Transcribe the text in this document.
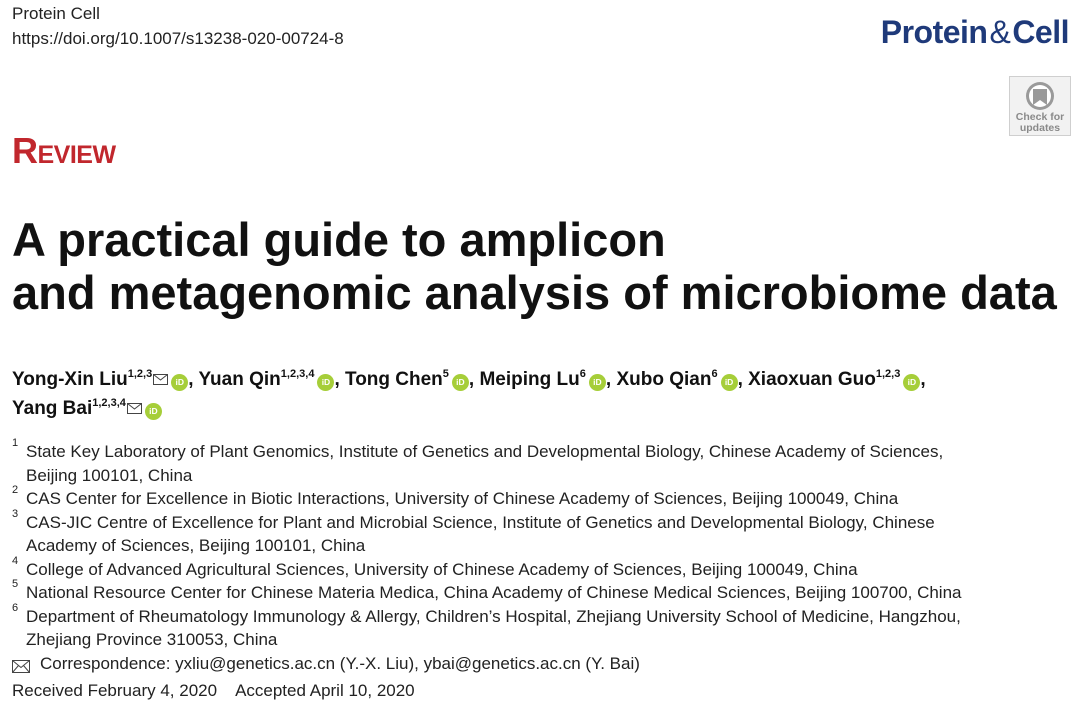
Protein Cell
https://doi.org/10.1007/s13238-020-00724-8	Protein&Cell
Check for
updates
Review
A practical guide to amplicon
and metagenomic analysis of microbiome data
Yong-Xin Liu$^{1,2,3}$iD , Yuan Qin$^{1,2,3,4}$iD , Tong Chen$^5$iD , Meiping Lu$^6$iD , Xubo Qian$^6$iD , Xiaoxuan Guo$^{1,2,3}$iD ,
Yang Bai$^{1,2,3,4}$iD
1 State Key Laboratory of Plant Genomics, Institute of Genetics and Developmental Biology, Chinese Academy of Sciences,
Beijing 100101, China
2 CAS Center for Excellence in Biotic Interactions, University of Chinese Academy of Sciences, Beijing 100049, China
3 CAS-JIC Centre of Excellence for Plant and Microbial Science, Institute of Genetics and Developmental Biology, Chinese
Academy of Sciences, Beijing 100101, China
4 College of Advanced Agricultural Sciences, University of Chinese Academy of Sciences, Beijing 100049, China
5 National Resource Center for Chinese Materia Medica, China Academy of Chinese Medical Sciences, Beijing 100700, China
6 Department of Rheumatology Immunology & Allergy, Children’s Hospital, Zhejiang University School of Medicine, Hangzhou,
Zhejiang Province 310053, China
Correspondence: yxliu@genetics.ac.cn (Y.-X. Liu), ybai@genetics.ac.cn (Y. Bai)
Received February 4, 2020 Accepted April 10, 2020
